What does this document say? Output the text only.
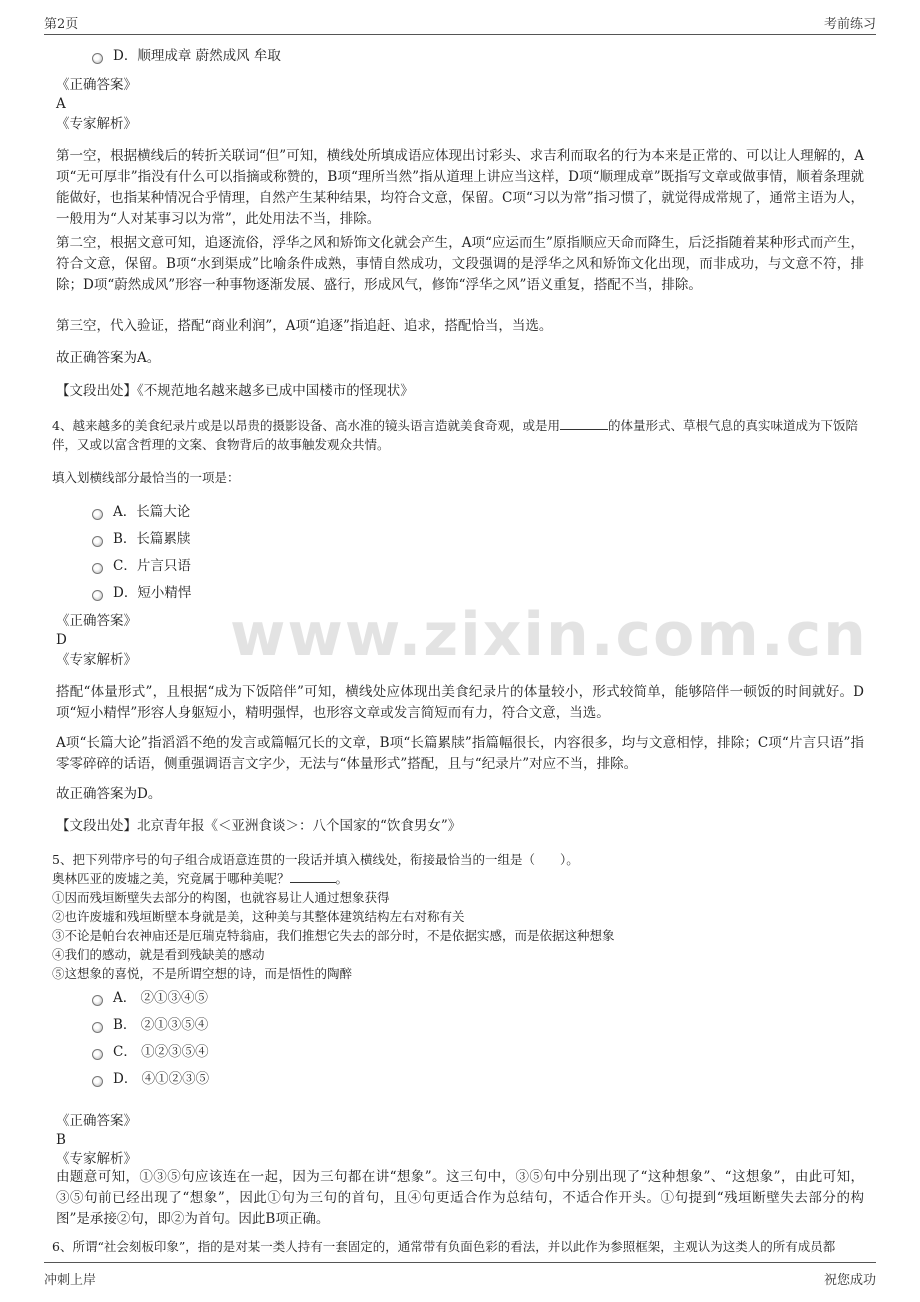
第2页	考前练习
www.zixin.com.cn
D．顺理成章 蔚然成风 牟取
《正确答案》
A
《专家解析》
第一空，根据横线后的转折关联词“但”可知，横线处所填成语应体现出讨彩头、求吉利而取名的行为本来是正常的、可以让人理解的，A项“无可厚非”指没有什么可以指摘或称赞的，B项“理所当然”指从道理上讲应当这样，D项“顺理成章”既指写文章或做事情，顺着条理就能做好，也指某种情况合乎情理，自然产生某种结果，均符合文意，保留。C项“习以为常”指习惯了，就觉得成常规了，通常主语为人，一般用为“人对某事习以为常”，此处用法不当，排除。
第二空，根据文意可知，追逐流俗，浮华之风和矫饰文化就会产生，A项“应运而生”原指顺应天命而降生，后泛指随着某种形式而产生，符合文意，保留。B项“水到渠成”比喻条件成熟，事情自然成功，文段强调的是浮华之风和矫饰文化出现，而非成功，与文意不符，排除；D项“蔚然成风”形容一种事物逐渐发展、盛行，形成风气，修饰“浮华之风”语义重复，搭配不当，排除。
第三空，代入验证，搭配“商业利润”，A项“追逐”指追赶、追求，搭配恰当，当选。
故正确答案为A。
【文段出处】《不规范地名越来越多已成中国楼市的怪现状》
4、越来越多的美食纪录片或是以昂贵的摄影设备、高水准的镜头语言造就美食奇观，或是用	的体量形式、草根气息的真实味道成为下饭陪伴，又或以富含哲理的文案、食物背后的故事触发观众共情。
填入划横线部分最恰当的一项是：
A．长篇大论
B．长篇累牍
C．片言只语
D．短小精悍
《正确答案》
D
《专家解析》
搭配“体量形式”，且根据“成为下饭陪伴”可知，横线处应体现出美食纪录片的体量较小，形式较简单，能够陪伴一顿饭的时间就好。D项“短小精悍”形容人身躯短小，精明强悍，也形容文章或发言简短而有力，符合文意，当选。
A项“长篇大论”指滔滔不绝的发言或篇幅冗长的文章，B项“长篇累牍”指篇幅很长，内容很多，均与文意相悖，排除；C项“片言只语”指零零碎碎的话语，侧重强调语言文字少，无法与“体量形式”搭配，且与“纪录片”对应不当，排除。
故正确答案为D。
【文段出处】北京青年报《＜亚洲食谈＞：八个国家的“饮食男女”》
5、把下列带序号的句子组合成语意连贯的一段话并填入横线处，衔接最恰当的一组是（　　）。
奥林匹亚的废墟之美，究竟属于哪种美呢？	。
①因而残垣断壁失去部分的构图，也就容易让人通过想象获得
②也许废墟和残垣断壁本身就是美，这种美与其整体建筑结构左右对称有关
③不论是帕台农神庙还是厄瑞克特翁庙，我们推想它失去的部分时，不是依据实感，而是依据这种想象
④我们的感动，就是看到残缺美的感动
⑤这想象的喜悦，不是所谓空想的诗，而是悟性的陶醉
A． ②①③④⑤
B． ②①③⑤④
C． ①②③⑤④
D． ④①②③⑤
《正确答案》
B
《专家解析》
由题意可知，①③⑤句应该连在一起，因为三句都在讲“想象”。这三句中，③⑤句中分别出现了“这种想象”、“这想象”，由此可知，③⑤句前已经出现了“想象”，因此①句为三句的首句，且④句更适合作为总结句，不适合作开头。①句提到“残垣断壁失去部分的构图”是承接②句，即②为首句。因此B项正确。
6、所谓“社会刻板印象”，指的是对某一类人持有一套固定的，通常带有负面色彩的看法，并以此作为参照框架，主观认为这类人的所有成员都
冲刺上岸	祝您成功
